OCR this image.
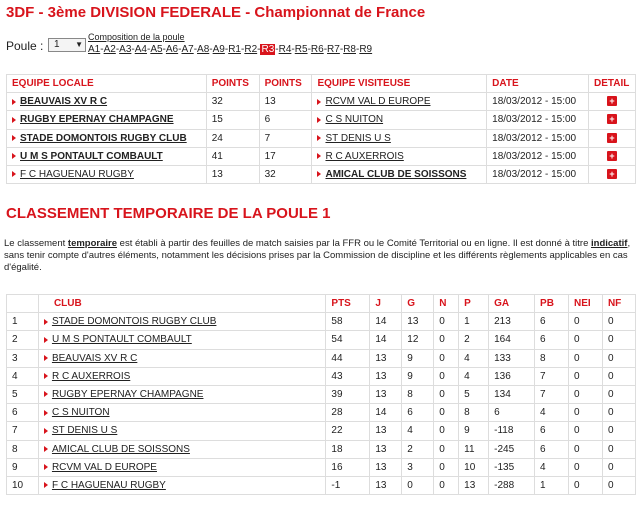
3DF - 3ème DIVISION FEDERALE - Championnat de France
Poule :	1 ▼
Composition de la poule
A1-A2-A3-A4-A5-A6-A7-A8-A9-R1-R2-R3-R4-R5-R6-R7-R8-R9
EQUIPE LOCALE	POINTS	POINTS	EQUIPE VISITEUSE	DATE	DETAIL
BEAUVAIS XV R C	32	13	RCVM VAL D EUROPE	18/03/2012 - 15:00	+
RUGBY EPERNAY CHAMPAGNE	15	6	C S NUITON	18/03/2012 - 15:00	+
STADE DOMONTOIS RUGBY CLUB	24	7	ST DENIS U S	18/03/2012 - 15:00	+
U M S PONTAULT COMBAULT	41	17	R C AUXERROIS	18/03/2012 - 15:00	+
F C HAGUENAU RUGBY	13	32	AMICAL CLUB DE SOISSONS	18/03/2012 - 15:00	+
CLASSEMENT TEMPORAIRE DE LA POULE 1
Le classement temporaire est établi à partir des feuilles de match saisies par la FFR ou le Comité Territorial ou en ligne. Il est donné à titre indicatif, sans tenir compte d'autres éléments, notamment les décisions prises par la Commission de discipline et les différents règlements applicables en cas d'égalité.
	CLUB	PTS	J	G	N	P	GA	PB	NEI	NF
1	STADE DOMONTOIS RUGBY CLUB	58	14	13	0	1	213	6	0	0
2	U M S PONTAULT COMBAULT	54	14	12	0	2	164	6	0	0
3	BEAUVAIS XV R C	44	13	9	0	4	133	8	0	0
4	R C AUXERROIS	43	13	9	0	4	136	7	0	0
5	RUGBY EPERNAY CHAMPAGNE	39	13	8	0	5	134	7	0	0
6	C S NUITON	28	14	6	0	8	6	4	0	0
7	ST DENIS U S	22	13	4	0	9	-118	6	0	0
8	AMICAL CLUB DE SOISSONS	18	13	2	0	11	-245	6	0	0
9	RCVM VAL D EUROPE	16	13	3	0	10	-135	4	0	0
10	F C HAGUENAU RUGBY	-1	13	0	0	13	-288	1	0	0
